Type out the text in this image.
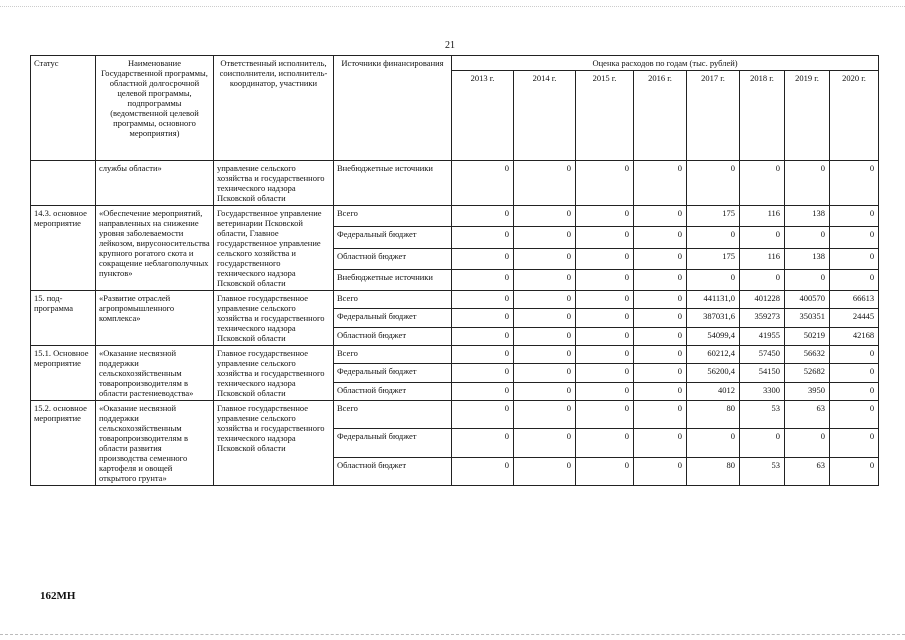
21
Статус	Наименование Государственной программы, областной долгосрочной целевой программы, подпрограммы (ведомственной целевой программы, основного мероприятия)	Ответственный исполнитель, соисполнители, исполнитель-координатор, участники	Источники финансирования	Оценка расходов по годам (тыс. рублей)							
				2013 г.	2014 г.	2015 г.	2016 г.	2017 г.	2018 г.	2019 г.	2020 г.
	службы области»	управление сельского хозяйства и государственного технического надзора Псковской области	Внебюджетные источники	0	0	0	0	0	0	0	0
14.3. основное мероприятие	«Обеспечение мероприятий, направленных на снижение уровня заболеваемости лейкозом, вирусоносительства крупного рогатого скота и сокращение неблагополучных пунктов»	Государственное управление ветеринарии Псковской области, Главное государственное управление сельского хозяйства и государственного технического надзора Псковской области	Всего	0	0	0	0	175	116	138	0
			Федеральный бюджет	0	0	0	0	0	0	0	0
			Областной бюджет	0	0	0	0	175	116	138	0
			Внебюджетные источники	0	0	0	0	0	0	0	0
15. под-программа	«Развитие отраслей агропромышленного комплекса»	Главное государственное управление сельского хозяйства и государственного технического надзора Псковской области	Всего	0	0	0	0	441131,0	401228	400570	66613
			Федеральный бюджет	0	0	0	0	387031,6	359273	350351	24445
			Областной бюджет	0	0	0	0	54099,4	41955	50219	42168
15.1. Основное мероприятие	«Оказание несвязной поддержки сельскохозяйственным товаропроизводителям в области растениеводства»	Главное государственное управление сельского хозяйства и государственного технического надзора Псковской области	Всего	0	0	0	0	60212,4	57450	56632	0
			Федеральный бюджет	0	0	0	0	56200,4	54150	52682	0
			Областной бюджет	0	0	0	0	4012	3300	3950	0
15.2. основное мероприятие	«Оказание несвязной поддержки сельскохозяйственным товаропроизводителям в области развития производства семенного картофеля и овощей открытого грунта»	Главное государственное управление сельского хозяйства и государственного технического надзора Псковской области	Всего	0	0	0	0	80	53	63	0
			Федеральный бюджет	0	0	0	0	0	0	0	0
			Областной бюджет	0	0	0	0	80	53	63	0
162МН
